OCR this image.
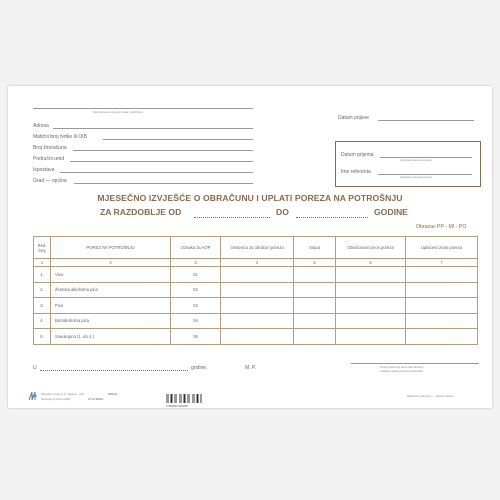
Naziv porezne uprave ili ureda / podružnice
Adresa
Matični broj tvrtke ili OIB
Broj žiroračuna
Područni ured
Ispostava
Grad — općina
Datum prijave
Datum prijema
(ispunjava porezna uprava)
Ime referenta
(ispunjava porezna uprava)
MJESEČNO IZVJEŠĆE O OBRAČUNU I UPLATI POREZA NA POTROŠNJU
ZA RAZDOBLJE OD	DO	GODINE
Obrazac PP - MI - PO
Red. broj	POREZ NA POTROŠNJU	Oznaka za AOP	Osnovica za obračun poreza	Stopa	Obračunani iznos poreza	Uplaćeni iznos poreza
1	2	3	4	5	6	7
1.	Vino	01				
2.	Žestoka alkoholna pića	02				
3.	Pivo	03				
4.	Bezalkoholna pića	04				
5.	Sveukupno (1. do 4.)	05				
U	godine.	M. P.	Potpis porezonog obveznika odnosno
ovlaštene osobe poreznog obveznika
Narodne novine d.d., Zagreb - (01)
Obrazac po izvornoj/čki
006212
UT-III-394/A
3 856020 931090
Zaštićeno zakonom — Stranci zabran
